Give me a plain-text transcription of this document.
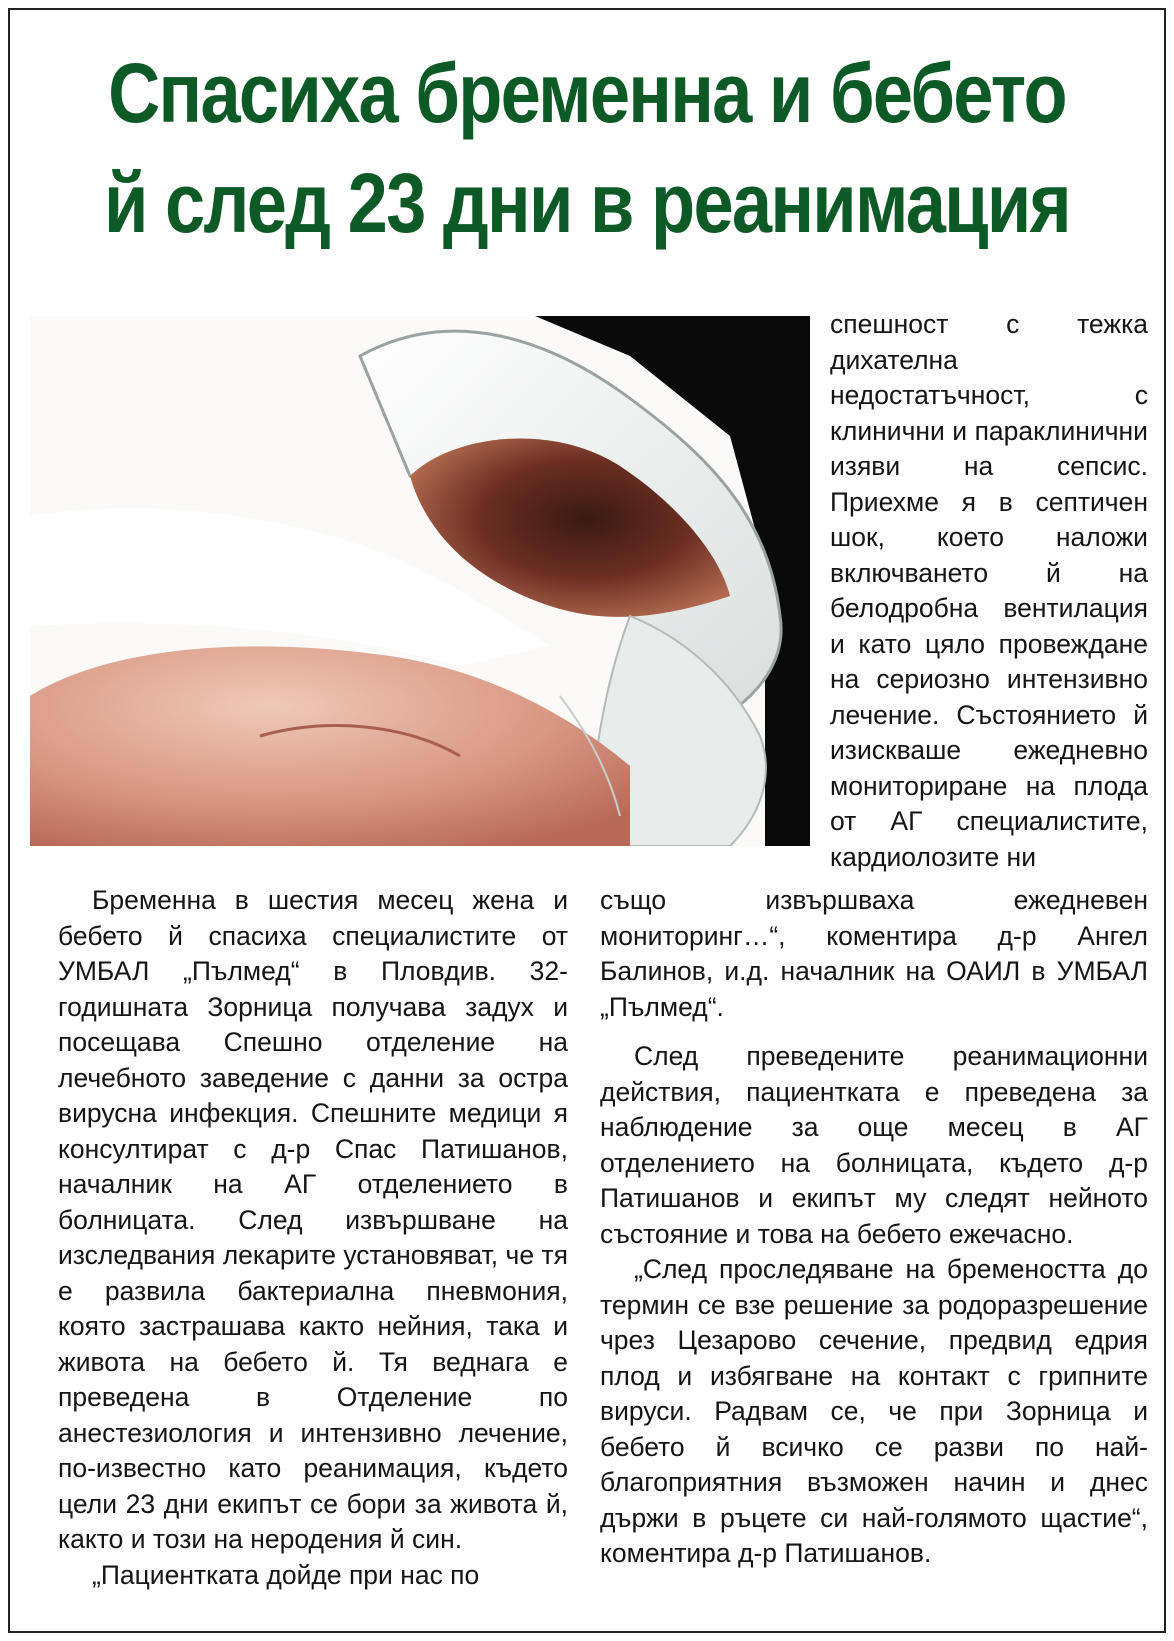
Спасиха бременна и бебето
й след 23 дни в реанимация

спешност с тежка дихателна недостатъчност, с клинични и параклинични изяви на сепсис. Приехме я в септичен шок, което наложи включването й на белодробна вентилация и като цяло провеждане на сериозно интензивно лечение. Състоянието й изискваше ежедневно мониториране на плода от АГ специалистите, кардиолозите ни

Бременна в шестия месец жена и бебето й спасиха специалистите от УМБАЛ „Пълмед“ в Пловдив. 32-годишната Зорница получава задух и посещава Спешно отделение на лечебното заведение с данни за остра вирусна инфекция. Спешните медици я консултират с д-р Спас Патишанов, началник на АГ отделението в болницата. След извършване на изследвания лекарите установяват, че тя е развила бактериална пневмония, която застрашава както нейния, така и живота на бебето й. Тя веднага е преведена в Отделение по анестезиология и интензивно лечение, по-известно като реанимация, където цели 23 дни екипът се бори за живота й, както и този на неродения й син.

„Пациентката дойде при нас по

също извършваха ежедневен мониторинг…“, коментира д-р Ангел Балинов, и.д. началник на ОАИЛ в УМБАЛ „Пълмед“.

След преведените реанимационни действия, пациентката е преведена за наблюдение за още месец в АГ отделението на болницата, където д-р Патишанов и екипът му следят нейното състояние и това на бебето ежечасно.

„След проследяване на бремеността до термин се взе решение за родоразрешение чрез Цезарово сечение, предвид едрия плод и избягване на контакт с грипните вируси. Радвам се, че при Зорница и бебето й всичко се разви по най-благоприятния възможен начин и днес държи в ръцете си най-голямото щастие“, коментира д-р Патишанов.
